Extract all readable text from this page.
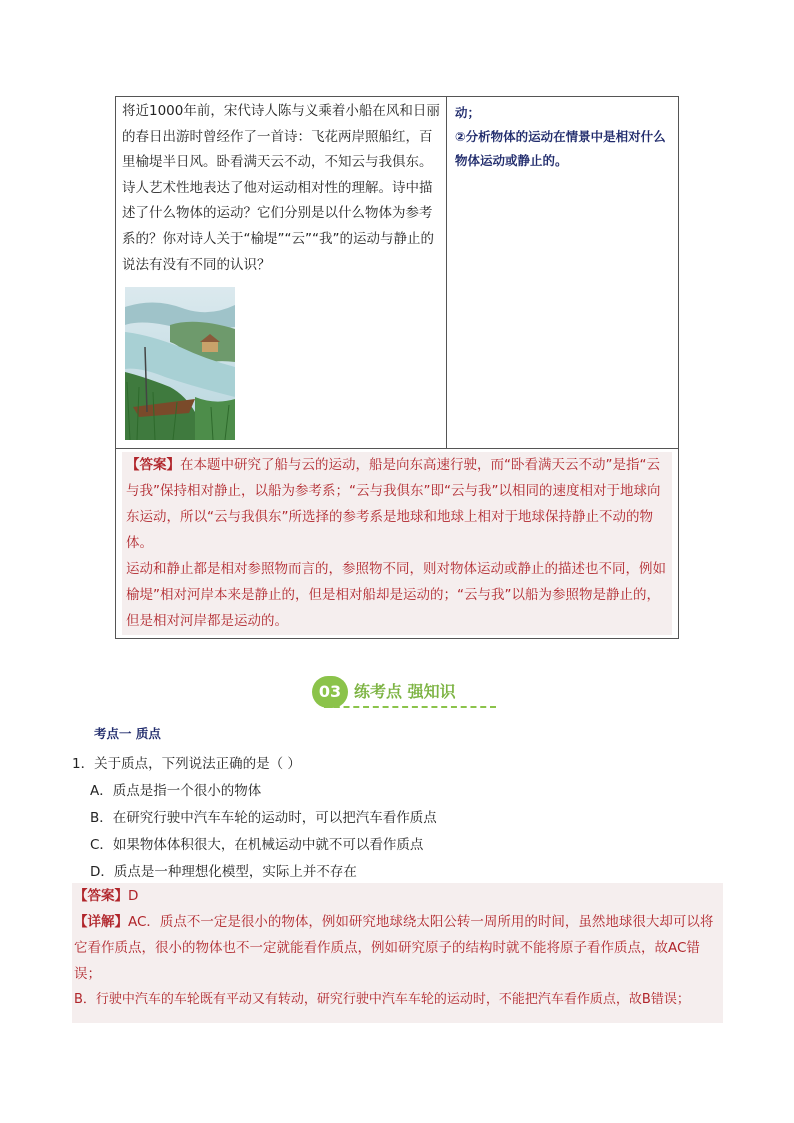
将近1000年前，宋代诗人陈与义乘着小船在风和日丽的春日出游时曾经作了一首诗：飞花两岸照船红，百里榆堤半日风。卧看满天云不动，不知云与我俱东。诗人艺术性地表达了他对运动相对性的理解。诗中描述了什么物体的运动？它们分别是以什么物体为参考系的？你对诗人关于“榆堤”“云”“我”的运动与静止的说法有没有不同的认识？

动；

②分析物体的运动在情景中是相对什么物体运动或静止的。

【答案】在本题中研究了船与云的运动，船是向东高速行驶，而“卧看满天云不动”是指“云与我”保持相对静止，以船为参考系；“云与我俱东”即“云与我”以相同的速度相对于地球向东运动，所以“云与我俱东”所选择的参考系是地球和地球上相对于地球保持静止不动的物体。

运动和静止都是相对参照物而言的，参照物不同，则对物体运动或静止的描述也不同，例如榆堤”相对河岸本来是静止的，但是相对船却是运动的；“云与我”以船为参照物是静止的，但是相对河岸都是运动的。

03 练考点 强知识
考点一 质点
1．关于质点，下列说法正确的是（ ）
A．质点是指一个很小的物体
B．在研究行驶中汽车车轮的运动时，可以把汽车看作质点
C．如果物体体积很大，在机械运动中就不可以看作质点
D．质点是一种理想化模型，实际上并不存在

【答案】D

【详解】AC．质点不一定是很小的物体，例如研究地球绕太阳公转一周所用的时间，虽然地球很大却可以将它看作质点，很小的物体也不一定就能看作质点，例如研究原子的结构时就不能将原子看作质点，故AC错误；

B．行驶中汽车的车轮既有平动又有转动，研究行驶中汽车车轮的运动时，不能把汽车看作质点，故B错误；
